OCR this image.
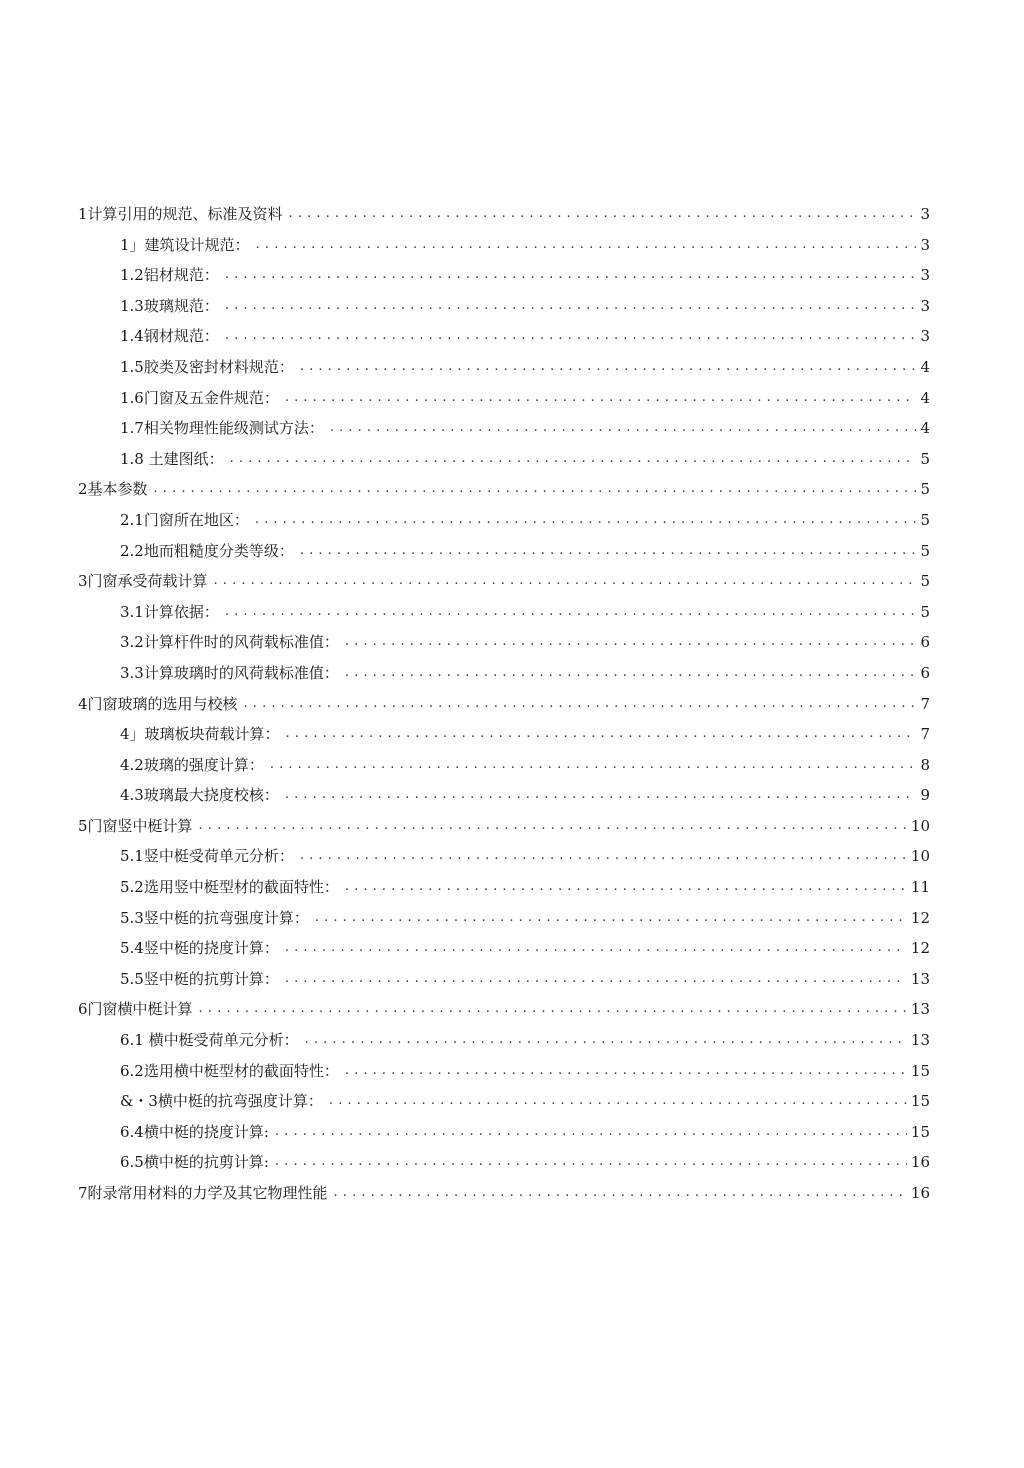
1计算引用的规范、标准及资料 . . .	3
1」建筑设计规范： . . .	3
1.2铝材规范： . . .	3
1.3玻璃规范： . . .	3
1.4钢材规范： . . .	3
1.5胶类及密封材料规范： . . .	4
1.6门窗及五金件规范： . . .	4
1.7相关物理性能级测试方法： . . .	4
1.8 土建图纸： . . .	5
2基本参数 . . .	5
2.1门窗所在地区： . . .	5
2.2地而粗糙度分类等级： . . .	5
3门窗承受荷载计算 . . .	5
3.1计算依据： . . .	5
3.2计算杆件时的风荷载标准值： . . .	6
3.3计算玻璃时的风荷载标准值： . . .	6
4门窗玻璃的选用与校核 . . .	7
4」玻璃板块荷载计算： . . .	7
4.2玻璃的强度计算： . . .	8
4.3玻璃最大挠度校核： . . .	9
5门窗竖中梃计算 . . .	10
5.1竖中梃受荷单元分析： . . .	10
5.2选用竖中梃型材的截面特性： . . .	11
5.3竖中梃的抗弯强度计算： . . .	12
5.4竖中梃的挠度计算： . . .	12
5.5竖中梃的抗剪计算： . . .	13
6门窗横中梃计算 . . .	13
6.1 横中梃受荷单元分析： . . .	13
6.2选用横中梃型材的截面特性： . . .	15
&・3横中梃的抗弯强度计算： . . .	15
6.4横中梃的挠度计算: . . .	15
6.5横中梃的抗剪计算: . . .	16
7附录常用材料的力学及其它物理性能 . . .	16
